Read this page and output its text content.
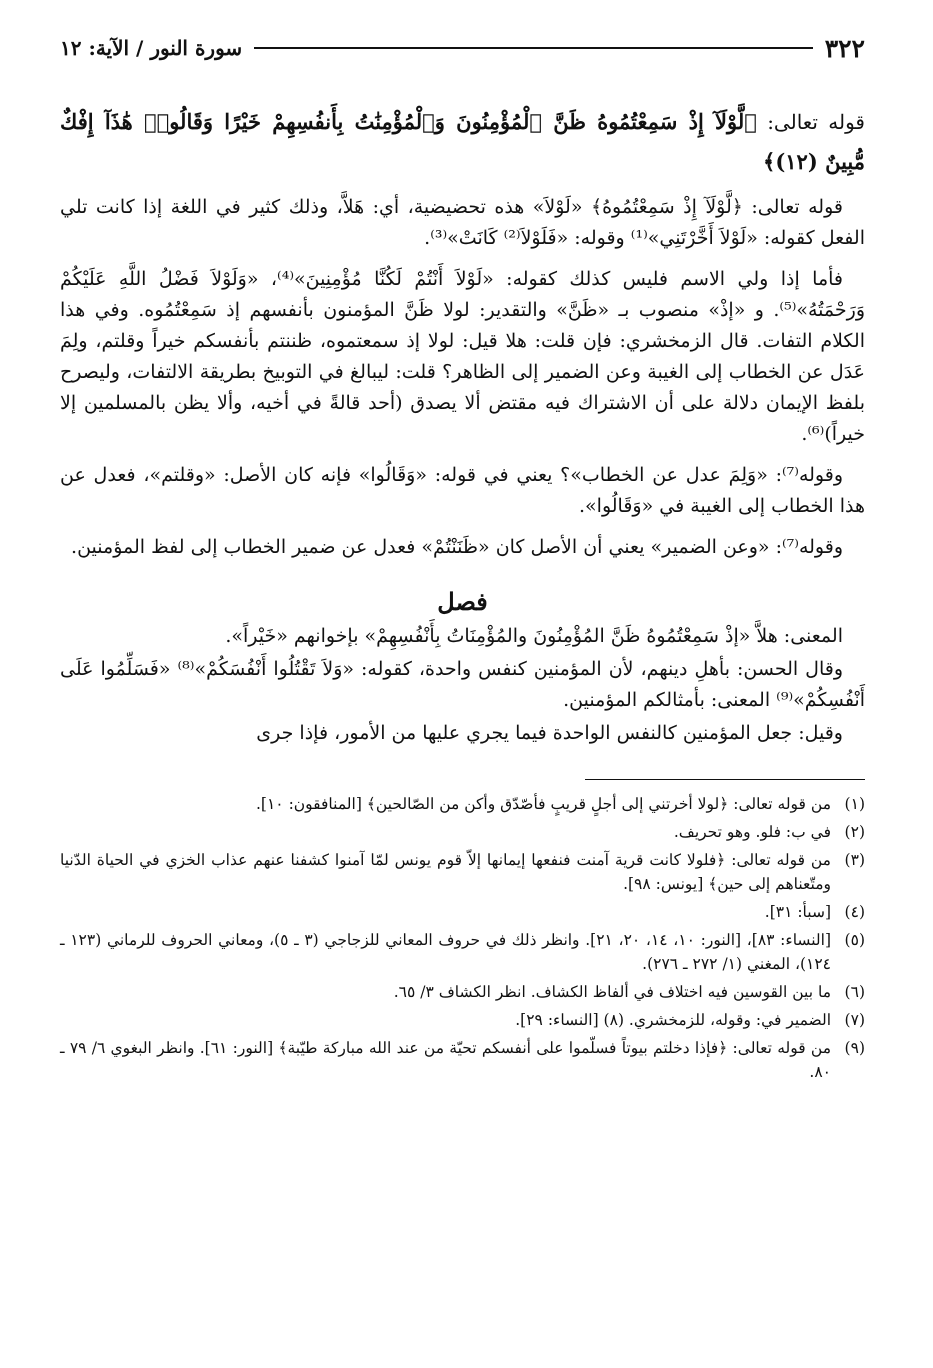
٣٢٢
سورة النور / الآية: ١٢
قوله تعالى: ﴿لَّوْلَآ إِذْ سَمِعْتُمُوهُ ظَنَّ ٱلْمُؤْمِنُونَ وَٱلْمُؤْمِنَٰتُ بِأَنفُسِهِمْ خَيْرًا وَقَالُوا۟ هَٰذَآ إِفْكٌ مُّبِينٌ (١٢)﴾

قوله تعالى: ﴿لَّوْلَآ إِذْ سَمِعْتُمُوهُ﴾ «لَوْلاَ» هذه تحضيضية، أي: هَلاَّ، وذلك كثير في اللغة إذا كانت تلي الفعل كقوله: «لَوْلاَ أَخَّرْتَنِي»⁽¹⁾ وقوله: «فَلَوْلاَ⁽²⁾ كَانَتْ»⁽³⁾.

فأما إذا ولي الاسم فليس كذلك كقوله: «لَوْلاَ أَنْتُمْ لَكُنَّا مُؤْمِنِينَ»⁽⁴⁾، «وَلَوْلاَ فَضْلُ اللَّهِ عَلَيْكُمْ وَرَحْمَتُهُ»⁽⁵⁾. و «إذْ» منصوب بـ «ظَنَّ» والتقدير: لولا ظَنَّ المؤمنون بأنفسهم إذ سَمِعْتُمُوه. وفي هذا الكلام التفات. قال الزمخشري: فإن قلت: هلا قيل: لولا إذ سمعتموه، ظننتم بأنفسكم خيراً وقلتم، ولِمَ عَدَل عن الخطاب إلى الغيبة وعن الضمير إلى الظاهر؟ قلت: ليبالغ في التوبيخ بطريقة الالتفات، وليصرح بلفظ الإيمان دلالة على أن الاشتراك فيه مقتض ألا يصدق (أحد قالةً في أخيه، وألا يظن بالمسلمين إلا خيراً)⁽⁶⁾.

وقوله⁽⁷⁾: «وَلِمَ عدل عن الخطاب»؟ يعني في قوله: «وَقَالُوا» فإنه كان الأصل: «وقلتم»، فعدل عن هذا الخطاب إلى الغيبة في «وَقَالُوا».

وقوله⁽⁷⁾: «وعن الضمير» يعني أن الأصل كان «ظَنَنْتُمْ» فعدل عن ضمير الخطاب إلى لفظ المؤمنين.

فصل

المعنى: هلاَّ «إذْ سَمِعْتُمُوهُ ظَنَّ المُؤْمِنُونَ والمُؤْمِنَاتُ بِأَنْفُسِهِمْ» بإخوانهم «خَيْراً».

وقال الحسن: بأهلِ دينهم، لأن المؤمنين كنفس واحدة، كقوله: «وَلاَ تَقْتُلُوا أَنْفُسَكُمْ»⁽⁸⁾ «فَسَلِّمُوا عَلَى أَنْفُسِكُمْ»⁽⁹⁾ المعنى: بأمثالكم المؤمنين.

وقيل: جعل المؤمنين كالنفس الواحدة فيما يجري عليها من الأمور، فإذا جرى

(١)
من قوله تعالى: ﴿لولا أخرتني إلى أجلٍ قريبٍ فأصّدّق وأكن من الصّالحين﴾ [المنافقون: ١٠].
(٢)
في ب: فلو. وهو تحريف.
(٣)
من قوله تعالى: ﴿فلولا كانت قرية آمنت فنفعها إيمانها إلاّ قوم يونس لمّا آمنوا كشفنا عنهم عذاب الخزي في الحياة الدّنيا ومتّعناهم إلى حين﴾ [يونس: ٩٨].
(٤)
[سبأ: ٣١].
(٥)
[النساء: ٨٣]، [النور: ١٠، ١٤، ٢٠، ٢١]. وانظر ذلك في حروف المعاني للزجاجي (٣ ـ ٥)، ومعاني الحروف للرماني (١٢٣ ـ ١٢٤)، المغني (١/ ٢٧٢ ـ ٢٧٦).
(٦)
ما بين القوسين فيه اختلاف في ألفاظ الكشاف. انظر الكشاف ٣/ ٦٥.
(٧)
الضمير في: وقوله، للزمخشري. (٨) [النساء: ٢٩].
(٩)
من قوله تعالى: ﴿فإذا دخلتم بيوتاً فسلّموا على أنفسكم تحيّة من عند الله مباركة طيّبة﴾ [النور: ٦١]. وانظر البغوي ٦/ ٧٩ ـ ٨٠.
